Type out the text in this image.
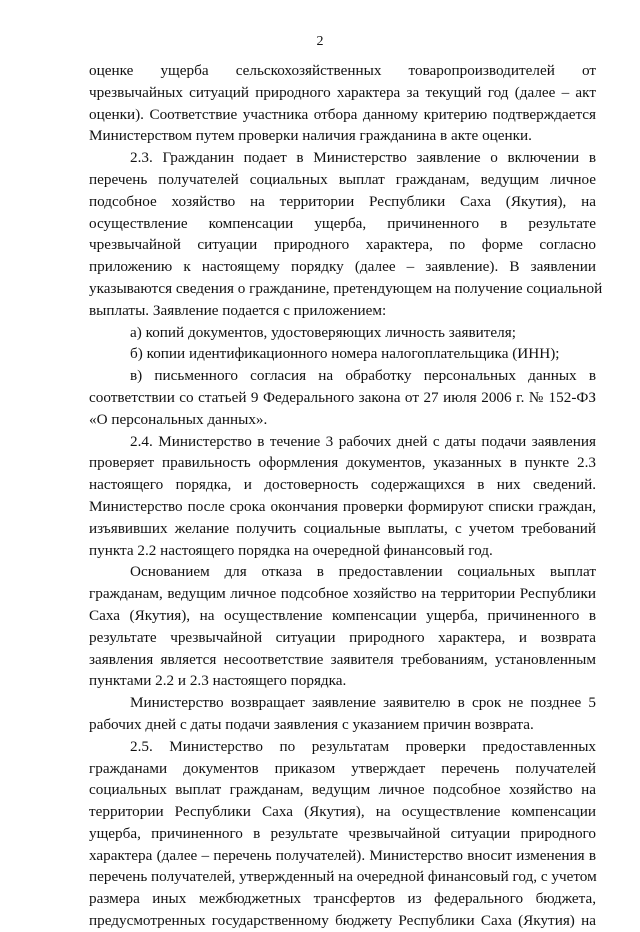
2
оценке ущерба сельскохозяйственных товаропроизводителей от
чрезвычайных ситуаций природного характера за текущий год (далее – акт
оценки). Соответствие участника отбора данному критерию подтверждается
Министерством путем проверки наличия гражданина в акте оценки.
2.3. Гражданин подает в Министерство заявление о включении в
перечень получателей социальных выплат гражданам, ведущим личное
подсобное хозяйство на территории Республики Саха (Якутия), на
осуществление компенсации ущерба, причиненного в результате
чрезвычайной ситуации природного характера, по форме согласно
приложению к настоящему порядку (далее – заявление). В заявлении
указываются сведения о гражданине, претендующем на получение социальной
выплаты. Заявление подается с приложением:
а) копий документов, удостоверяющих личность заявителя;
б) копии идентификационного номера налогоплательщика (ИНН);
в) письменного согласия на обработку персональных данных в
соответствии со статьей 9 Федерального закона от 27 июля 2006 г. № 152-ФЗ
«О персональных данных».
2.4. Министерство в течение 3 рабочих дней с даты подачи заявления
проверяет правильность оформления документов, указанных в пункте 2.3
настоящего порядка, и достоверность содержащихся в них сведений.
Министерство после срока окончания проверки формируют списки граждан,
изъявивших желание получить социальные выплаты, с учетом требований
пункта 2.2 настоящего порядка на очередной финансовый год.
Основанием для отказа в предоставлении социальных выплат
гражданам, ведущим личное подсобное хозяйство на территории Республики
Саха (Якутия), на осуществление компенсации ущерба, причиненного в
результате чрезвычайной ситуации природного характера, и возврата
заявления является несоответствие заявителя требованиям, установленным
пунктами 2.2 и 2.3 настоящего порядка.
Министерство возвращает заявление заявителю в срок не позднее 5
рабочих дней с даты подачи заявления с указанием причин возврата.
2.5. Министерство по результатам проверки предоставленных
гражданами документов приказом утверждает перечень получателей
социальных выплат гражданам, ведущим личное подсобное хозяйство на
территории Республики Саха (Якутия), на осуществление компенсации
ущерба, причиненного в результате чрезвычайной ситуации природного
характера (далее – перечень получателей). Министерство вносит изменения в
перечень получателей, утвержденный на очередной финансовый год, с учетом
размера иных межбюджетных трансфертов из федерального бюджета,
предусмотренных государственному бюджету Республики Саха (Якутия) на
